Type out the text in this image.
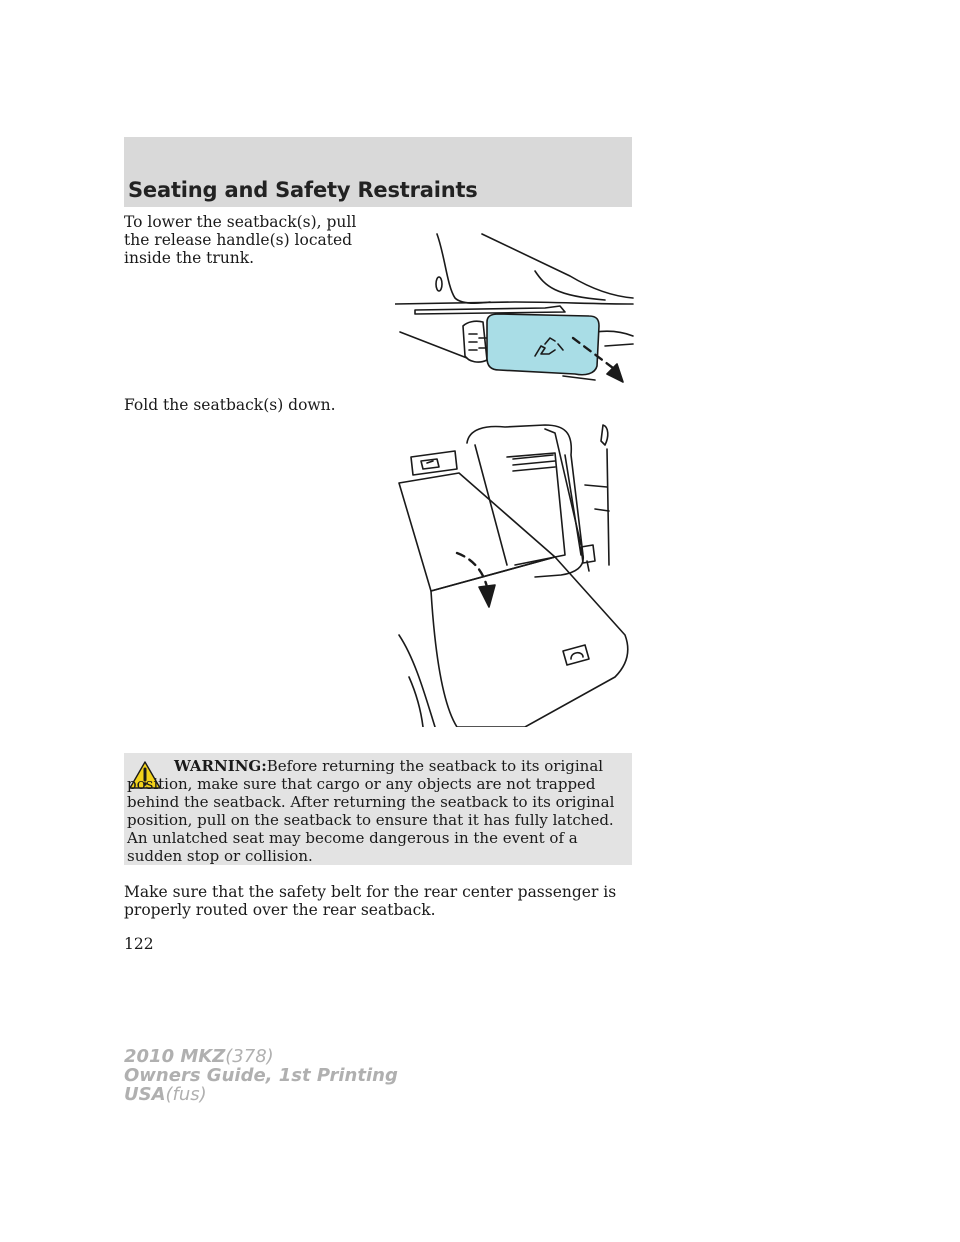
Seating and Safety Restraints
To lower the seatback(s), pull the release handle(s) located inside the trunk.
Fold the seatback(s) down.
WARNING:Before returning the seatback to its original position, make sure that cargo or any objects are not trapped behind the seatback. After returning the seatback to its original position, pull on the seatback to ensure that it has fully latched. An unlatched seat may become dangerous in the event of a sudden stop or collision.
Make sure that the safety belt for the rear center passenger is properly routed over the rear seatback.
122
2010 MKZ(378)
Owners Guide, 1st Printing
USA(fus)
